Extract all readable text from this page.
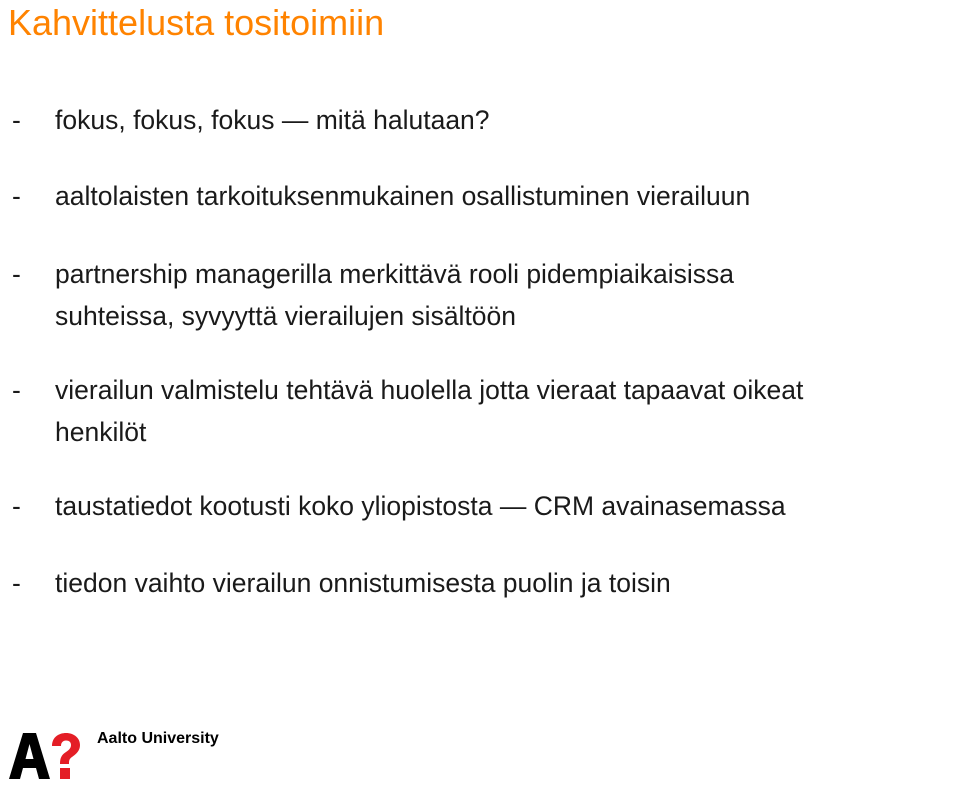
Kahvittelusta tositoimiin
- fokus, fokus, fokus — mitä halutaan?
- aaltolaisten tarkoituksenmukainen osallistuminen vierailuun
- partnership managerilla merkittävä rooli pidempiaikaisissa
suhteissa, syvyyttä vierailujen sisältöön
- vierailun valmistelu tehtävä huolella jotta vieraat tapaavat oikeat
henkilöt
- taustatiedot kootusti koko yliopistosta — CRM avainasemassa
- tiedon vaihto vierailun onnistumisesta puolin ja toisin

Aalto University
